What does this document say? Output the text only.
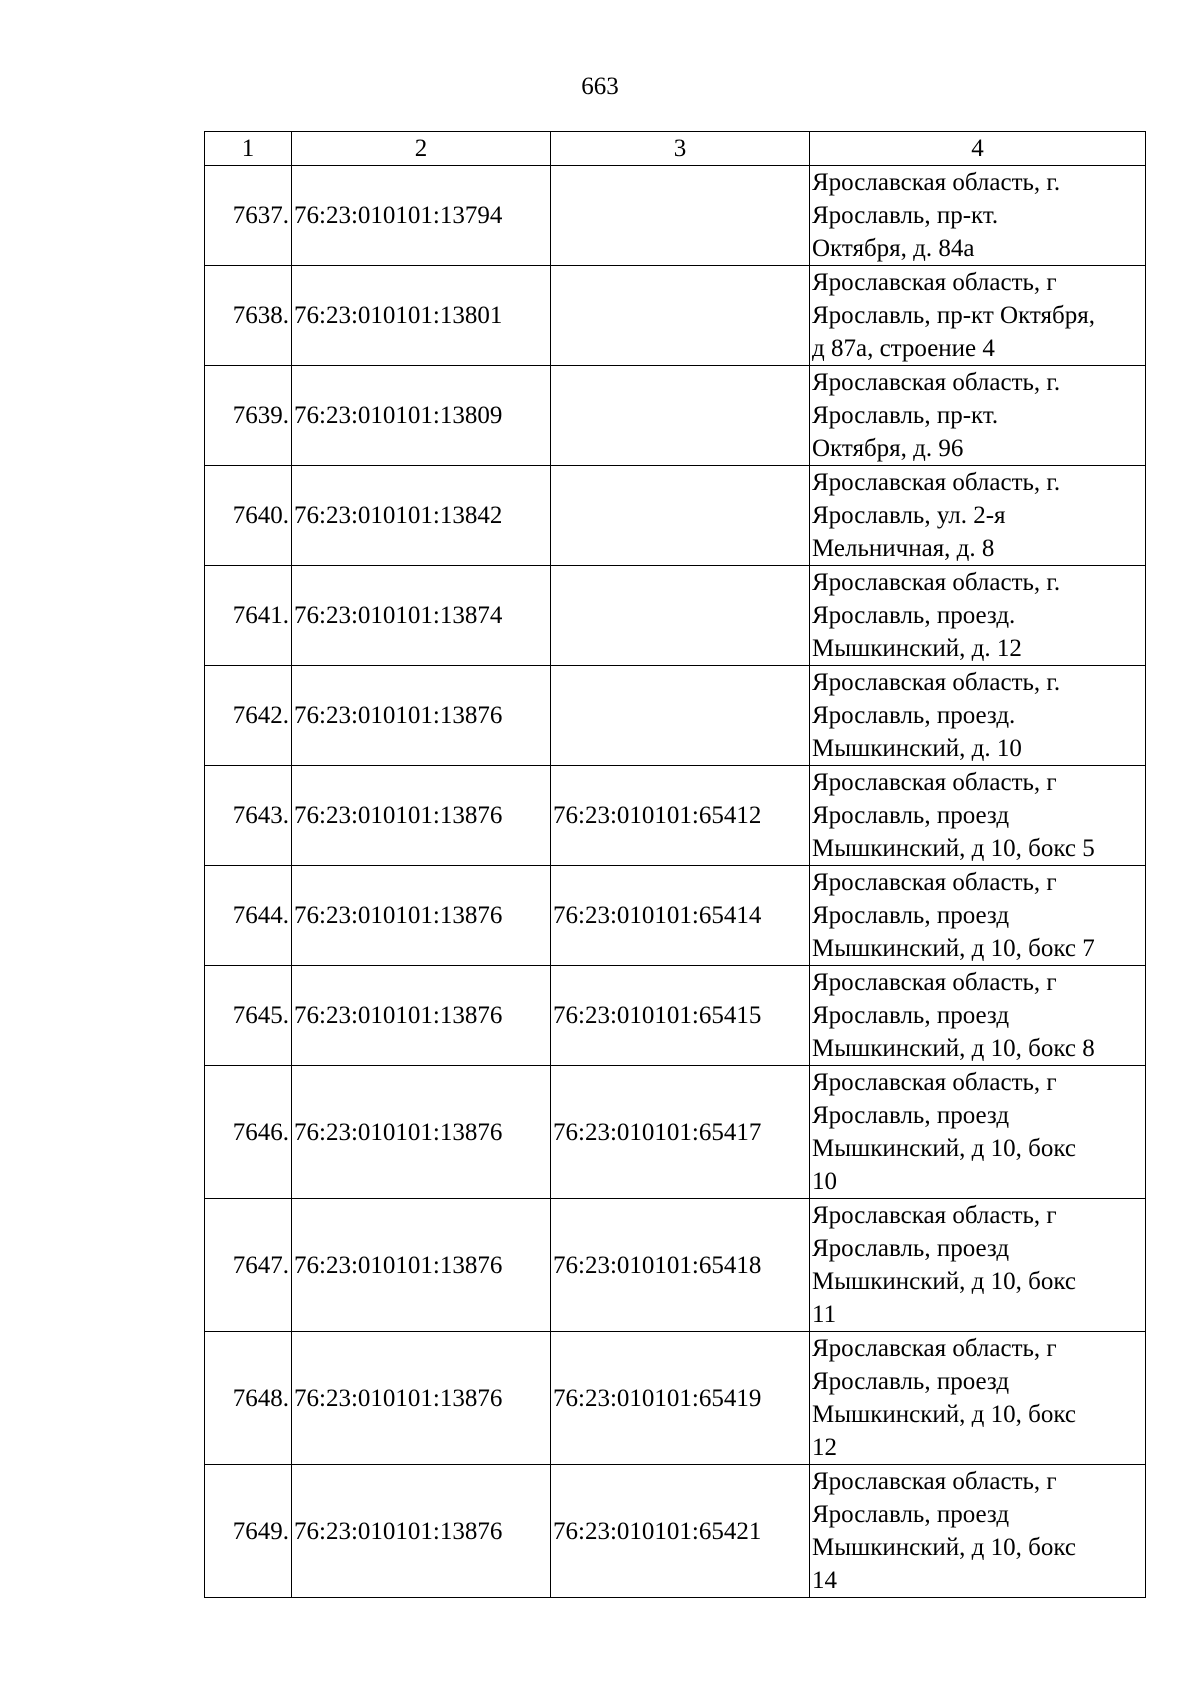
663
1	2	3	4
7637.	76:23:010101:13794		Ярославская область, г.
Ярославль, пр-кт.
Октября, д. 84а
7638.	76:23:010101:13801		Ярославская область, г
Ярославль, пр-кт Октября,
д 87а, строение 4
7639.	76:23:010101:13809		Ярославская область, г.
Ярославль, пр-кт.
Октября, д. 96
7640.	76:23:010101:13842		Ярославская область, г.
Ярославль, ул. 2-я
Мельничная, д. 8
7641.	76:23:010101:13874		Ярославская область, г.
Ярославль, проезд.
Мышкинский, д. 12
7642.	76:23:010101:13876		Ярославская область, г.
Ярославль, проезд.
Мышкинский, д. 10
7643.	76:23:010101:13876	76:23:010101:65412	Ярославская область, г
Ярославль, проезд
Мышкинский, д 10, бокс 5
7644.	76:23:010101:13876	76:23:010101:65414	Ярославская область, г
Ярославль, проезд
Мышкинский, д 10, бокс 7
7645.	76:23:010101:13876	76:23:010101:65415	Ярославская область, г
Ярославль, проезд
Мышкинский, д 10, бокс 8
7646.	76:23:010101:13876	76:23:010101:65417	Ярославская область, г
Ярославль, проезд
Мышкинский, д 10, бокс
10
7647.	76:23:010101:13876	76:23:010101:65418	Ярославская область, г
Ярославль, проезд
Мышкинский, д 10, бокс
11
7648.	76:23:010101:13876	76:23:010101:65419	Ярославская область, г
Ярославль, проезд
Мышкинский, д 10, бокс
12
7649.	76:23:010101:13876	76:23:010101:65421	Ярославская область, г
Ярославль, проезд
Мышкинский, д 10, бокс
14
